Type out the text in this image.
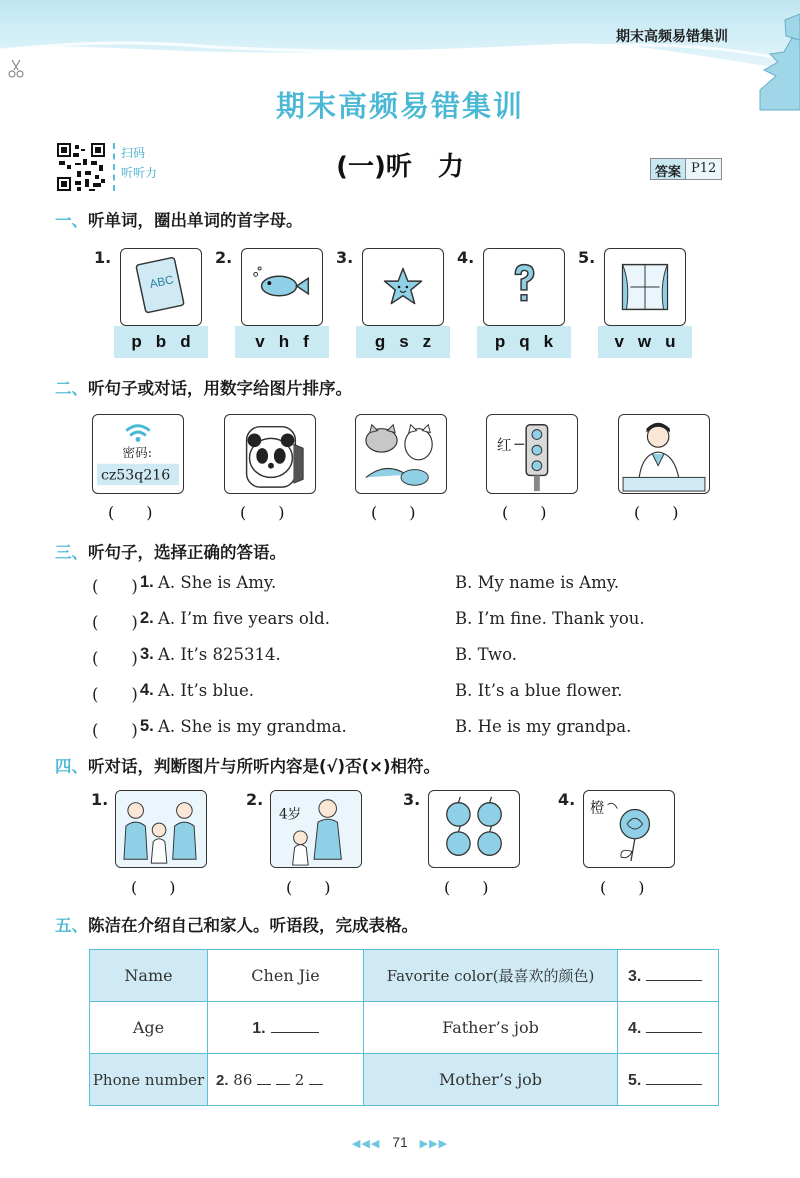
期末高频易错集训
期末高频易错集训
扫码
听听力	(一)听　力	答案 P12
一、听单词，圈出单词的首字母。
1.
ABC
p b d
2.
v h f
3.
g s z
4.
p q k
5.
v w u
二、听句子或对话，用数字给图片排序。
密码:
cz53q216
(　　)	(　　)	(　　)
红
(　　)	(　　)
三、听句子，选择正确的答语。
(　　) 1. A. She is Amy.	B. My name is Amy.
(　　) 2. A. I’m five years old.	B. I’m fine. Thank you.
(　　) 3. A. It’s 825314.	B. Two.
(　　) 4. A. It’s blue.	B. It’s a blue flower.
(　　) 5. A. She is my grandma.	B. He is my grandpa.
四、听对话，判断图片与所听内容是(√)否(×)相符。
1.
(　　)
2.
4岁
(　　)
3.
(　　)
4. 橙
(　　)
五、陈洁在介绍自己和家人。听语段，完成表格。
Name	Chen Jie	Favorite color(最喜欢的颜色)	3.
Age	1.	Father’s job	4.
Phone number	2. 86 2	Mother’s job	5.
◀◀◀ 71 ▶▶▶
